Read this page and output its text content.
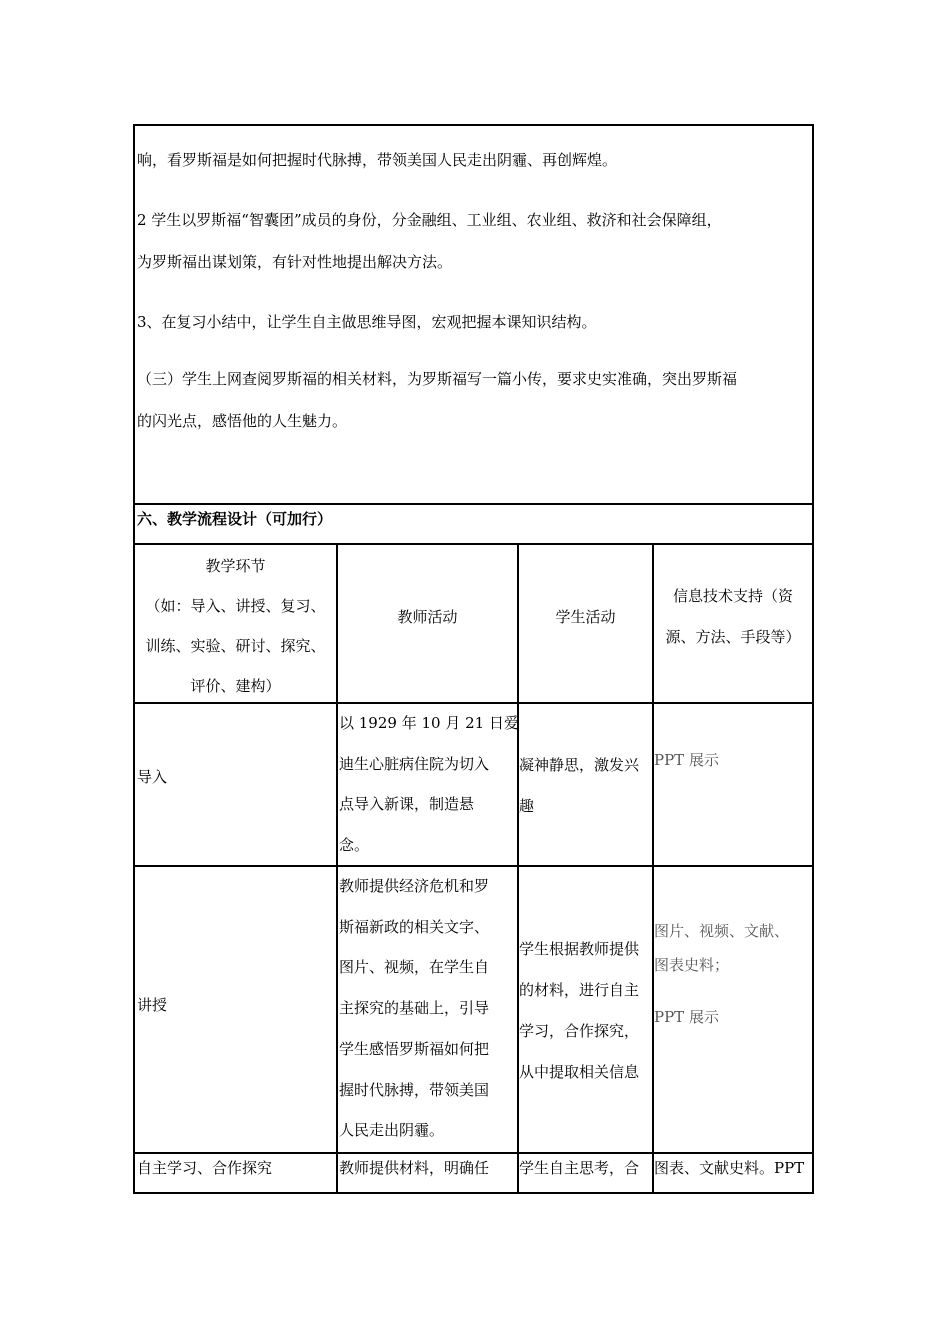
响，看罗斯福是如何把握时代脉搏，带领美国人民走出阴霾、再创辉煌。
2 学生以罗斯福“智囊团”成员的身份，分金融组、工业组、农业组、救济和社会保障组，
为罗斯福出谋划策，有针对性地提出解决方法。
3、在复习小结中，让学生自主做思维导图，宏观把握本课知识结构。
（三）学生上网查阅罗斯福的相关材料，为罗斯福写一篇小传，要求史实准确，突出罗斯福
的闪光点，感悟他的人生魅力。
六、教学流程设计（可加行）
教学环节
（如：导入、讲授、复习、
训练、实验、研讨、探究、
评价、建构）
教师活动	学生活动
信息技术支持（资
源、方法、手段等）
导入
以 1929 年 10 月 21 日爱
迪生心脏病住院为切入
点导入新课，制造悬
念。
凝神静思，激发兴
趣
PPT 展示
讲授
教师提供经济危机和罗
斯福新政的相关文字、
图片、视频，在学生自
主探究的基础上，引导
学生感悟罗斯福如何把
握时代脉搏，带领美国
人民走出阴霾。
学生根据教师提供
的材料，进行自主
学习，合作探究，
从中提取相关信息
图片、视频、文献、
图表史料；
PPT 展示
自主学习、合作探究	教师提供材料，明确任 学生自主思考，合 图表、文献史料。PPT
